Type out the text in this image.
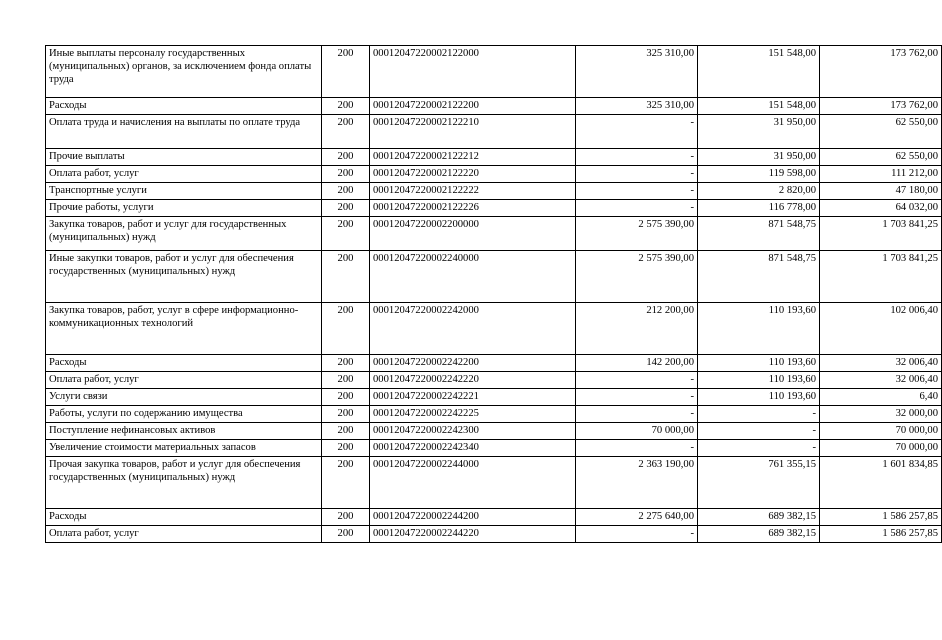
Иные выплаты персоналу государственных (муниципальных) органов, за исключением фонда оплаты труда	200	00012047220002122000	325 310,00	151 548,00	173 762,00
Расходы	200	00012047220002122200	325 310,00	151 548,00	173 762,00
Оплата труда и начисления на выплаты по оплате труда	200	00012047220002122210	-	31 950,00	62 550,00
Прочие выплаты	200	00012047220002122212	-	31 950,00	62 550,00
Оплата работ, услуг	200	00012047220002122220	-	119 598,00	111 212,00
Транспортные услуги	200	00012047220002122222	-	2 820,00	47 180,00
Прочие работы, услуги	200	00012047220002122226	-	116 778,00	64 032,00
Закупка товаров, работ и услуг для государственных (муниципальных) нужд	200	00012047220002200000	2 575 390,00	871 548,75	1 703 841,25
Иные закупки товаров, работ и услуг для обеспечения государственных (муниципальных) нужд	200	00012047220002240000	2 575 390,00	871 548,75	1 703 841,25
Закупка товаров, работ, услуг в сфере информационно-коммуникационных технологий	200	00012047220002242000	212 200,00	110 193,60	102 006,40
Расходы	200	00012047220002242200	142 200,00	110 193,60	32 006,40
Оплата работ, услуг	200	00012047220002242220	-	110 193,60	32 006,40
Услуги связи	200	00012047220002242221	-	110 193,60	6,40
Работы, услуги по содержанию имущества	200	00012047220002242225	-	-	32 000,00
Поступление нефинансовых активов	200	00012047220002242300	70 000,00	-	70 000,00
Увеличение стоимости материальных запасов	200	00012047220002242340	-	-	70 000,00
Прочая закупка товаров, работ и услуг для обеспечения государственных (муниципальных) нужд	200	00012047220002244000	2 363 190,00	761 355,15	1 601 834,85
Расходы	200	00012047220002244200	2 275 640,00	689 382,15	1 586 257,85
Оплата работ, услуг	200	00012047220002244220	-	689 382,15	1 586 257,85
